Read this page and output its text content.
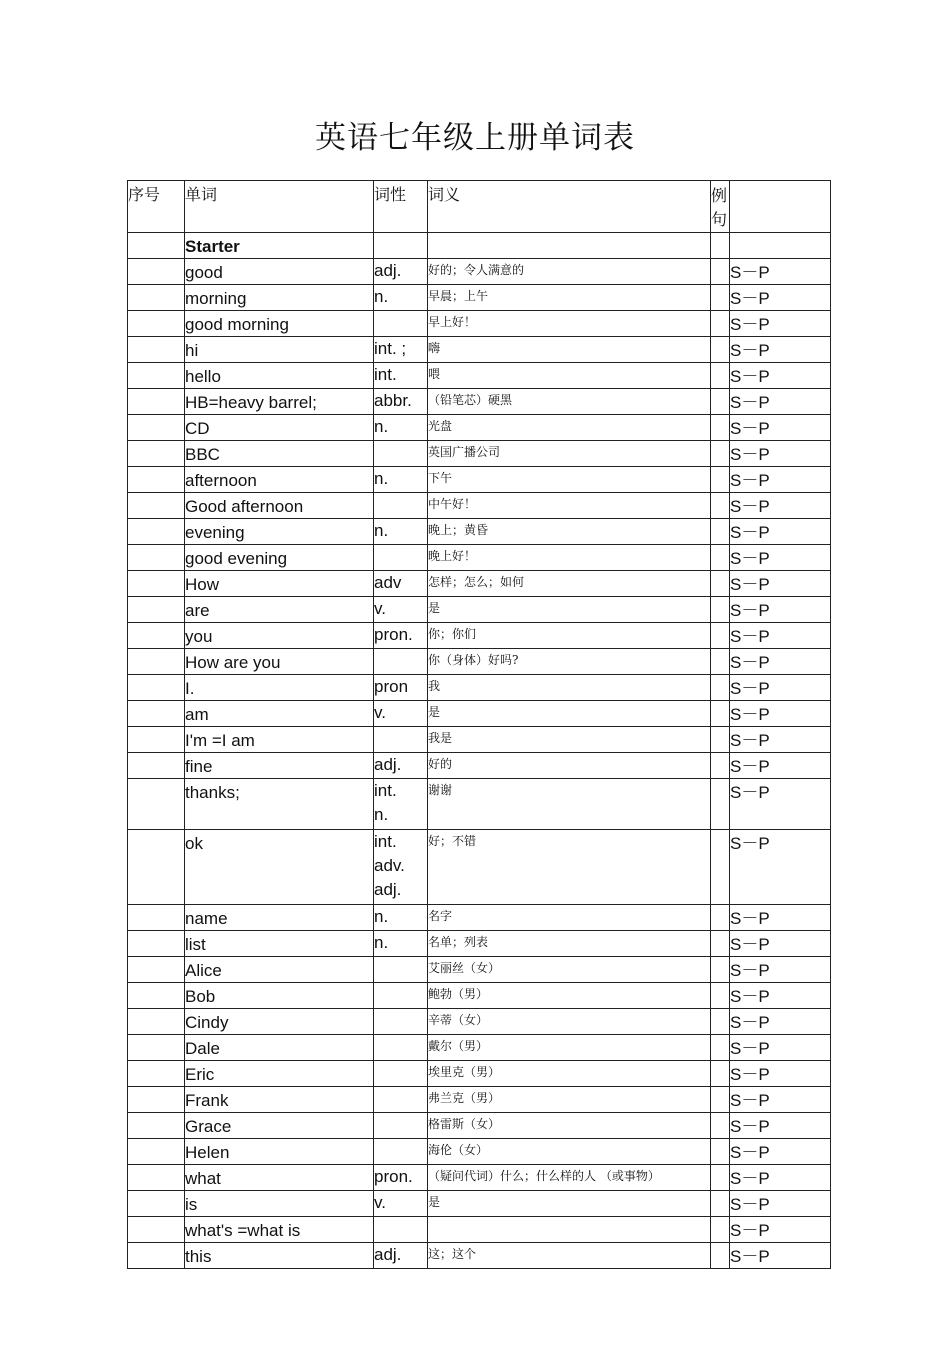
英语七年级上册单词表
序号	单词	词性	词义	例句	

	Starter				

	good	adj.	好的；令人满意的		S－P

	morning	n.	早晨；上午		S－P

	good morning		早上好！		S－P

	hi	int. ;	嗨		S－P

	hello	int.	喂		S－P

	HB=heavy barrel;	abbr.	（铅笔芯）硬黑		S－P

	CD	n.	光盘		S－P

	BBC		英国广播公司		S－P

	afternoon	n.	下午		S－P

	Good afternoon		中午好！		S－P

	evening	n.	晚上；黄昏		S－P

	good evening		晚上好！		S－P

	How	adv	怎样；怎么；如何		S－P

	are	v.	是		S－P

	you	pron.	你；你们		S－P

	How are you		你（身体）好吗?		S－P

	I.	pron	我		S－P

	am	v.	是		S－P

	I'm =I am		我是		S－P

	fine	adj.	好的		S－P

	thanks;	int.
n.	谢谢		S－P

	ok	int.
adv.
adj.	好；不错		S－P

	name	n.	名字		S－P

	list	n.	名单；列表		S－P

	Alice		艾丽丝（女）		S－P

	Bob		鲍勃（男）		S－P

	Cindy		辛蒂（女）		S－P

	Dale		戴尔（男）		S－P

	Eric		埃里克（男）		S－P

	Frank		弗兰克（男）		S－P

	Grace		格雷斯（女）		S－P

	Helen		海伦（女）		S－P

	what	pron.	（疑问代词）什么；什么样的人 （或事物）		S－P

	is	v.	是		S－P

	what's =what is				S－P

	this	adj.	这；这个		S－P
